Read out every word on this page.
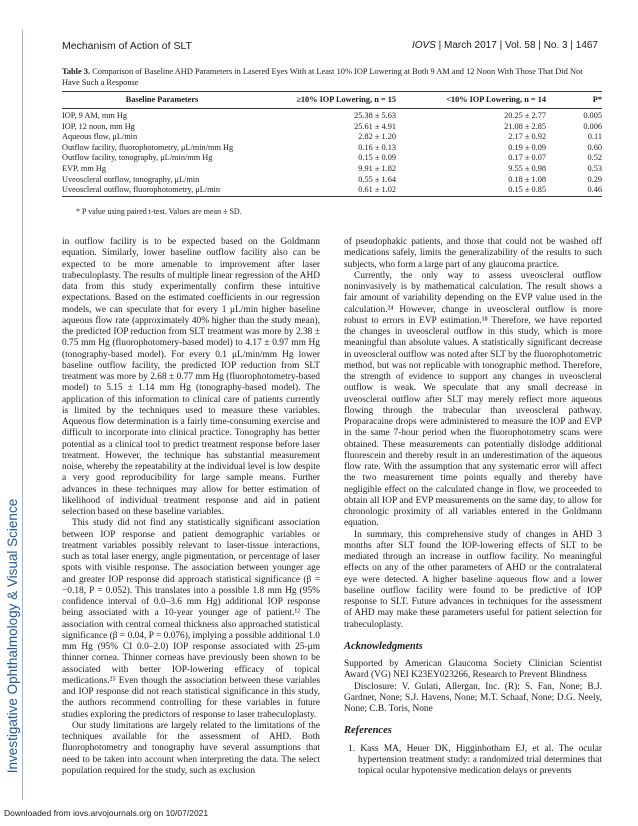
Mechanism of Action of SLT	IOVS | March 2017 | Vol. 58 | No. 3 | 1467
Investigative Ophthalmology & Visual Science
Table 3. Comparison of Baseline AHD Parameters in Lasered Eyes With at Least 10% IOP Lowering at Both 9 AM and 12 Noon With Those That Did Not Have Such a Response
Baseline Parameters	≥10% IOP Lowering, n = 15	<10% IOP Lowering, n = 14	P*
IOP, 9 AM, mm Hg	25.38 ± 5.63	20.25 ± 2.77	0.005
IOP, 12 noon, mm Hg	25.61 ± 4.91	21.08 ± 2.85	0.006
Aqueous flow, μL/min	2.82 ± 1.20	2.17 ± 0.92	0.11
Outflow facility, fluorophotometry, μL/min/mm Hg	0.16 ± 0.13	0.19 ± 0.09	0.60
Outflow facility, tonography, μL/min/mm Hg	0.15 ± 0.09	0.17 ± 0.07	0.52
EVP, mm Hg	9.91 ± 1.82	9.55 ± 0.98	0.53
Uveoscleral outflow, tonography, μL/min	0.55 ± 1.64	0.18 ± 1.08	0.29
Uveoscleral outflow, fluorophotometry, μL/min	0.61 ± 1.02	0.15 ± 0.85	0.46
* P value using paired t-test. Values are mean ± SD.

in outflow facility is to be expected based on the Goldmann equation. Similarly, lower baseline outflow facility also can be expected to be more amenable to improvement after laser trabeculoplasty. The results of multiple linear regression of the AHD data from this study experimentally confirm these intuitive expectations. Based on the estimated coefficients in our regression models, we can speculate that for every 1 μL/min higher baseline aqueous flow rate (approximately 40% higher than the study mean), the predicted IOP reduction from SLT treatment was more by 2.38 ± 0.75 mm Hg (fluorophotomery-based model) to 4.17 ± 0.97 mm Hg (tonography-based model). For every 0.1 μL/min/mm Hg lower baseline outflow facility, the predicted IOP reduction from SLT treatment was more by 2.68 ± 0.77 mm Hg (fluorophotometry-based model) to 5.15 ± 1.14 mm Hg (tonography-based model). The application of this information to clinical care of patients currently is limited by the techniques used to measure these variables. Aqueous flow determination is a fairly time-consuming exercise and difficult to incorporate into clinical practice. Tonography has better potential as a clinical tool to predict treatment response before laser treatment. However, the technique has substantial measurement noise, whereby the repeatability at the individual level is low despite a very good reproducibility for large sample means. Further advances in these techniques may allow for better estimation of likelihood of individual treatment response and aid in patient selection based on these baseline variables.

This study did not find any statistically significant association between IOP response and patient demographic variables or treatment variables possibly relevant to laser-tissue interactions, such as total laser energy, angle pigmentation, or percentage of laser spots with visible response. The association between younger age and greater IOP response did approach statistical significance (β = −0.18, P = 0.052). This translates into a possible 1.8 mm Hg (95% confidence interval of 0.0–3.6 mm Hg) additional IOP response being associated with a 10-year younger age of patient.¹² The association with central corneal thickness also approached statistical significance (β = 0.04, P = 0.076), implying a possible additional 1.0 mm Hg (95% CI 0.0–2.0) IOP response associated with 25-μm thinner cornea. Thinner corneas have previously been shown to be associated with better IOP-lowering efficacy of topical medications.²⁵ Even though the association between these variables and IOP response did not reach statistical significance in this study, the authors recommend controlling for these variables in future studies exploring the predictors of response to laser trabeculoplasty.

Our study limitations are largely related to the limitations of the techniques available for the assessment of AHD. Both fluorophotometry and tonography have several assumptions that need to be taken into account when interpreting the data. The select population required for the study, such as exclusion

of pseudophakic patients, and those that could not be washed off medications safely, limits the generalizability of the results to such subjects, who form a large part of any glaucoma practice.

Currently, the only way to assess uveoscleral outflow noninvasively is by mathematical calculation. The result shows a fair amount of variability depending on the EVP value used in the calculation.²⁴ However, change in uveoscleral outflow is more robust to errors in EVP estimation.¹⁸ Therefore, we have reported the changes in uveoscleral outflow in this study, which is more meaningful than absolute values. A statistically significant decrease in uveoscleral outflow was noted after SLT by the fluorophotometric method, but was not replicable with tonographic method. Therefore, the strength of evidence to support any changes in uveoscleral outflow is weak. We speculate that any small decrease in uveoscleral outflow after SLT may merely reflect more aqueous flowing through the trabecular than uveoscleral pathway. Proparacaine drops were administered to measure the IOP and EVP in the same 7-hour period when the fluorophotometry scans were obtained. These measurements can potentially dislodge additional fluorescein and thereby result in an underestimation of the aqueous flow rate. With the assumption that any systematic error will affect the two measurement time points equally and thereby have negligible effect on the calculated change in flow, we proceeded to obtain all IOP and EVP measurements on the same day, to allow for chronologic proximity of all variables entered in the Goldmann equation.

In summary, this comprehensive study of changes in AHD 3 months after SLT found the IOP-lowering effects of SLT to be mediated through an increase in outflow facility. No meaningful effects on any of the other parameters of AHD or the contralateral eye were detected. A higher baseline aqueous flow and a lower baseline outflow facility were found to be predictive of IOP response to SLT. Future advances in techniques for the assessment of AHD may make these parameters useful for patient selection for trabeculoplasty.

Acknowledgments

Supported by American Glaucoma Society Clinician Scientist Award (VG) NEI K23EY023266, Research to Prevent Blindness

Disclosure: V. Gulati, Allergan, Inc. (R); S. Fan, None; B.J. Gardner, None; S.J. Havens, None; M.T. Schaaf, None; D.G. Neely, None; C.B. Toris, None

References

1. Kass MA, Heuer DK, Higginbotham EJ, et al. The ocular hypertension treatment study: a randomized trial determines that topical ocular hypotensive medication delays or prevents

Downloaded from iovs.arvojournals.org on 10/07/2021
